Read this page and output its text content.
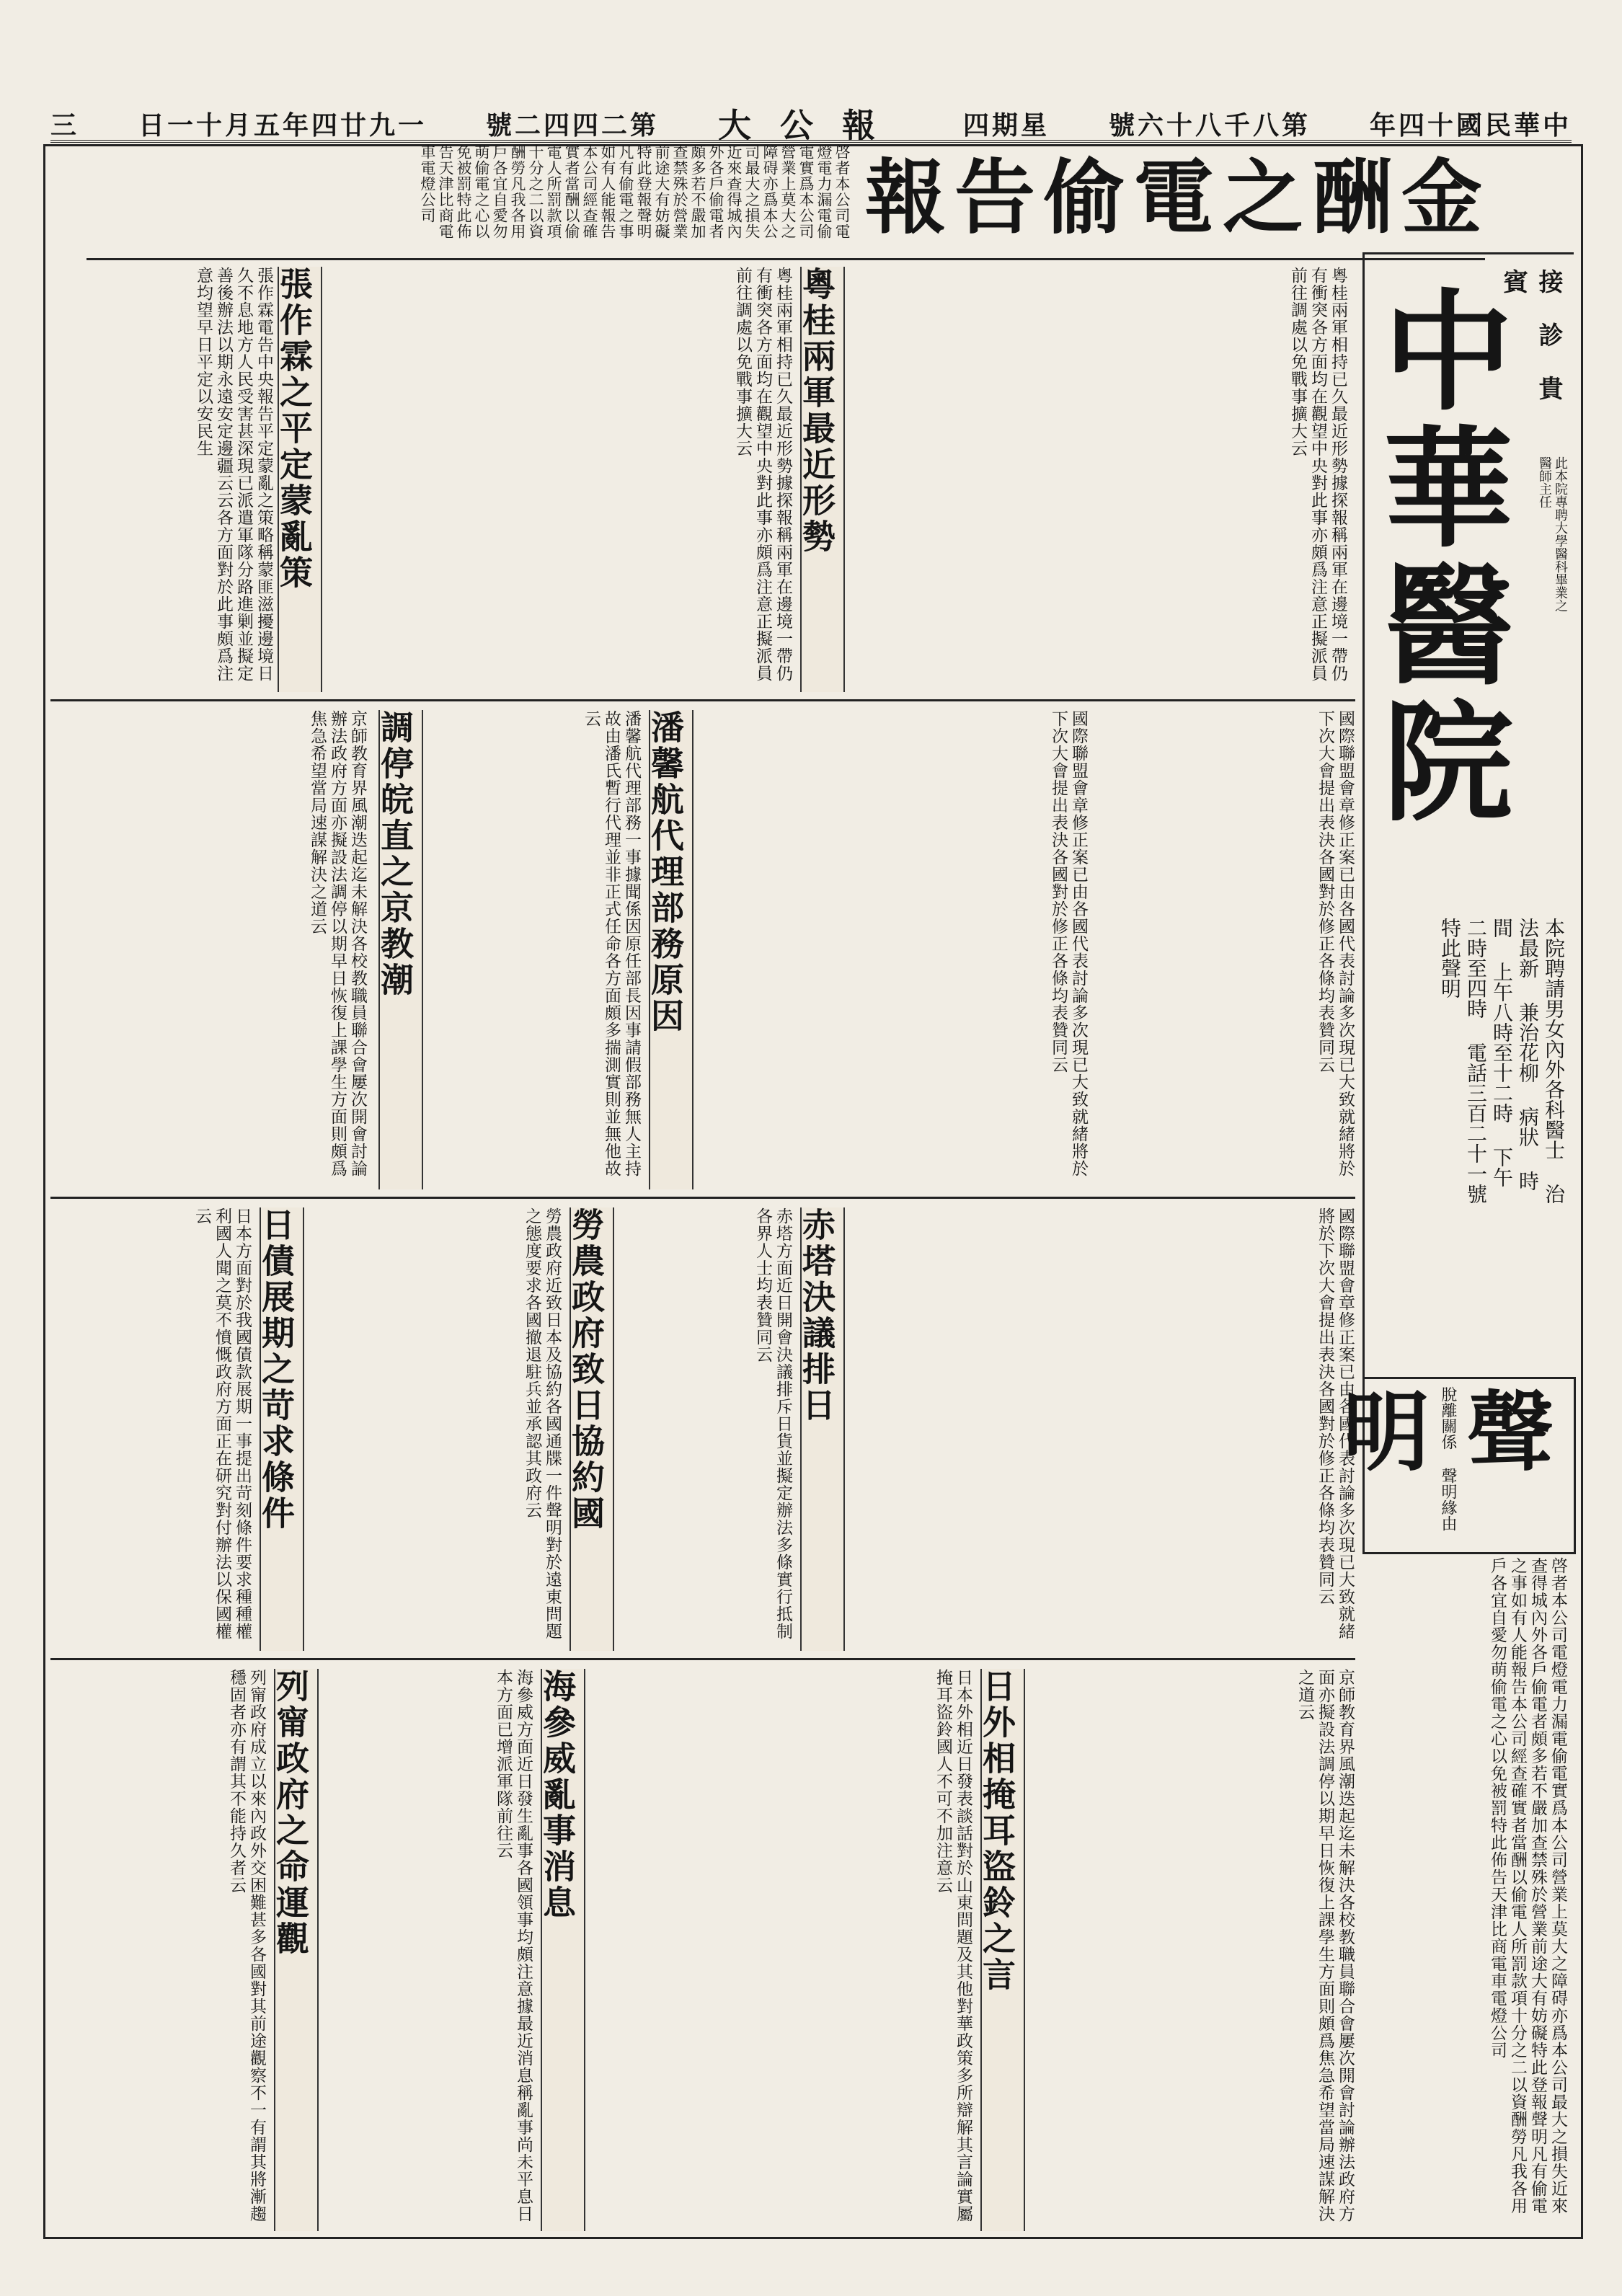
三 日一十月五年四廿九一 號二四四二第 大公報 四期星 號六十八千八第 年四十國民華中
報告偷電之酬金
啓者本公司電燈電力漏電偷電實爲本公司營業上莫大之障碍亦爲本公司最大之損失近來查得城內外各戶偷電者頗多若不嚴加查禁殊於營業前途大有妨礙特此登報聲明凡有偷電之事如有人能報告本公司經查確實者當酬以偷電人所罰款項十分之二以資酬勞凡我各用戶各宜自愛勿萌偷電之心以免被罰特此佈告天津比商電車電燈公司
接 診 貴 賓
中華醫院	此本院專聘大學醫科畢業之醫師主任
本院聘請男女內外各科醫士 治法最新 兼治花柳 病狀 時間 上午八時至十二時 下午二時至四時 電話三百二十一號 特此聲明
聲明 脫離關係 聲明緣由
張作霖之平定蒙亂策
張作霖電告中央報告平定蒙亂之策略稱蒙匪滋擾邊境日久不息地方人民受害甚深現已派遣軍隊分路進剿並擬定善後辦法以期永遠安定邊疆云云各方面對於此事頗爲注意均望早日平定以安民生	粵桂兩軍相持已久最近形勢據探報稱兩軍在邊境一帶仍有衝突各方面均在觀望中央對此事亦頗爲注意正擬派員前往調處以免戰事擴大云	粵桂兩軍最近形勢	粵桂兩軍相持已久最近形勢據探報稱兩軍在邊境一帶仍有衝突各方面均在觀望中央對此事亦頗爲注意正擬派員前往調處以免戰事擴大云
京師教育界風潮迭起迄未解決各校教職員聯合會屢次開會討論辦法政府方面亦擬設法調停以期早日恢復上課學生方面則頗爲焦急希望當局速謀解決之道云	調停皖直之京教潮	潘馨航代理部務一事據聞係因原任部長因事請假部務無人主持故由潘氏暫行代理並非正式任命各方面頗多揣測實則並無他故云	潘馨航代理部務原因	國際聯盟會章修正案已由各國代表討論多次現已大致就緒將於下次大會提出表決各國對於修正各條均表贊同云	國際聯盟會章修正案已由各國代表討論多次現已大致就緒將於下次大會提出表決各國對於修正各條均表贊同云
日本方面對於我國債款展期一事提出苛刻條件要求種種權利國人聞之莫不憤慨政府方面正在研究對付辦法以保國權云	日債展期之苛求條件	勞農政府近致日本及協約各國通牒一件聲明對於遠東問題之態度要求各國撤退駐兵並承認其政府云 勞農政府致日協約國	赤塔方面近日開會決議排斥日貨並擬定辦法多條實行抵制各界人士均表贊同云 赤塔決議排日	國際聯盟會章修正案已由各國代表討論多次現已大致就緒將於下次大會提出表決各國對於修正各條均表贊同云
列甯政府成立以來內政外交困難甚多各國對其前途觀察不一有謂其將漸趨穩固者亦有謂其不能持久者云 列甯政府之命運觀	海參威方面近日發生亂事各國領事均頗注意據最近消息稱亂事尚未平息日本方面已增派軍隊前往云 海參威亂事消息	日本外相近日發表談話對於山東問題及其他對華政策多所辯解其言論實屬掩耳盜鈴國人不可不加注意云 日外相掩耳盜鈴之言	京師教育界風潮迭起迄未解決各校教職員聯合會屢次開會討論辦法政府方面亦擬設法調停以期早日恢復上課學生方面則頗爲焦急希望當局速謀解決之道云	啓者本公司電燈電力漏電偷電實爲本公司營業上莫大之障碍亦爲本公司最大之損失近來查得城內外各戶偷電者頗多若不嚴加查禁殊於營業前途大有妨礙特此登報聲明凡有偷電之事如有人能報告本公司經查確實者當酬以偷電人所罰款項十分之二以資酬勞凡我各用戶各宜自愛勿萌偷電之心以免被罰特此佈告天津比商電車電燈公司
